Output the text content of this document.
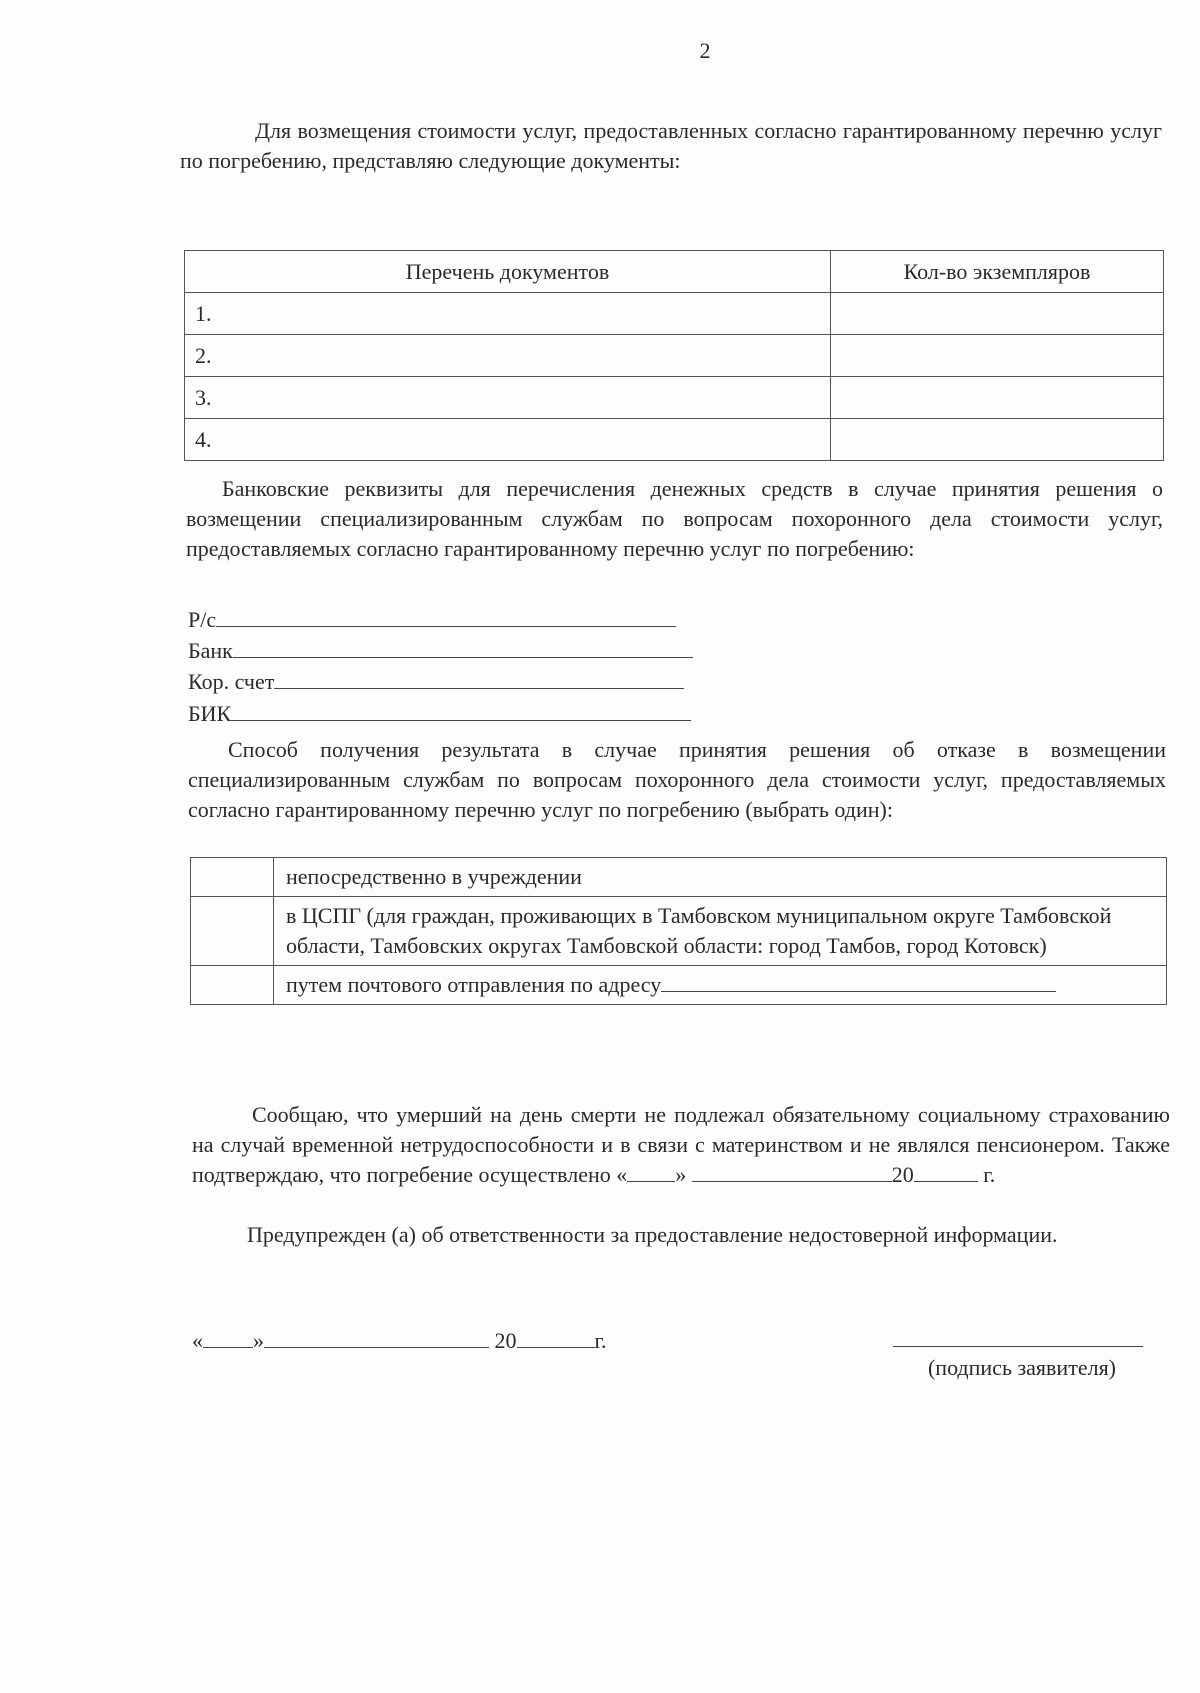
2
Для возмещения стоимости услуг, предоставленных согласно гарантированному перечню услуг по погребению, представляю следующие документы:
Перечень документов	Кол-во экземпляров
1.	
2.	
3.	
4.	
Банковские реквизиты для перечисления денежных средств в случае принятия решения о возмещении специализированным службам по вопросам похоронного дела стоимости услуг, предоставляемых согласно гарантированному перечню услуг по погребению:
Р/с
Банк
Кор. счет
БИК
Способ получения результата в случае принятия решения об отказе в возмещении специализированным службам по вопросам похоронного дела стоимости услуг, предоставляемых согласно гарантированному перечню услуг по погребению (выбрать один):
	непосредственно в учреждении
	в ЦСПГ (для граждан, проживающих в Тамбовском муниципальном округе Тамбовской области, Тамбовских округах Тамбовской области: город Тамбов, город Котовск)
	путем почтового отправления по адресу
Сообщаю, что умерший на день смерти не подлежал обязательному социальному страхованию на случай временной нетрудоспособности и в связи с материнством и не являлся пенсионером. Также подтверждаю, что погребение осуществлено « »	20	г.
Предупрежден (а) об ответственности за предоставление недостоверной информации.
« »	20	г.
(подпись заявителя)
